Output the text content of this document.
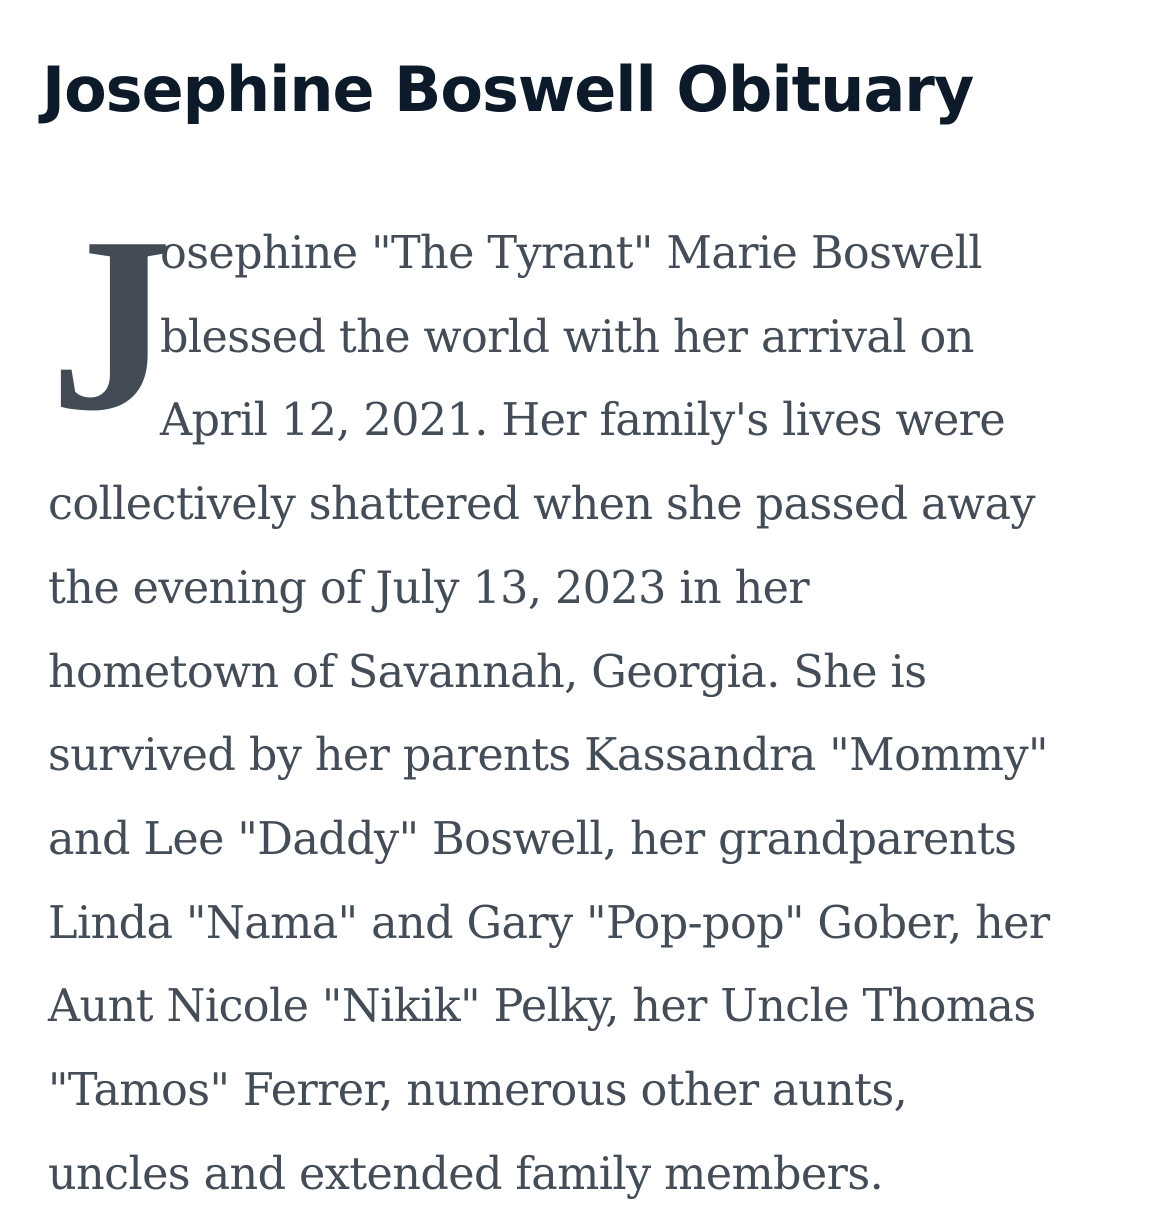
Josephine Boswell Obituary
J

osephine "The Tyrant" Marie Boswell
blessed the world with her arrival on
April 12, 2021. Her family's lives were
collectively shattered when she passed away
the evening of July 13, 2023 in her
hometown of Savannah, Georgia. She is
survived by her parents Kassandra "Mommy"
and Lee "Daddy" Boswell, her grandparents
Linda "Nama" and Gary "Pop-pop" Gober, her
Aunt Nicole "Nikik" Pelky, her Uncle Thomas
"Tamos" Ferrer, numerous other aunts,
uncles and extended family members.
